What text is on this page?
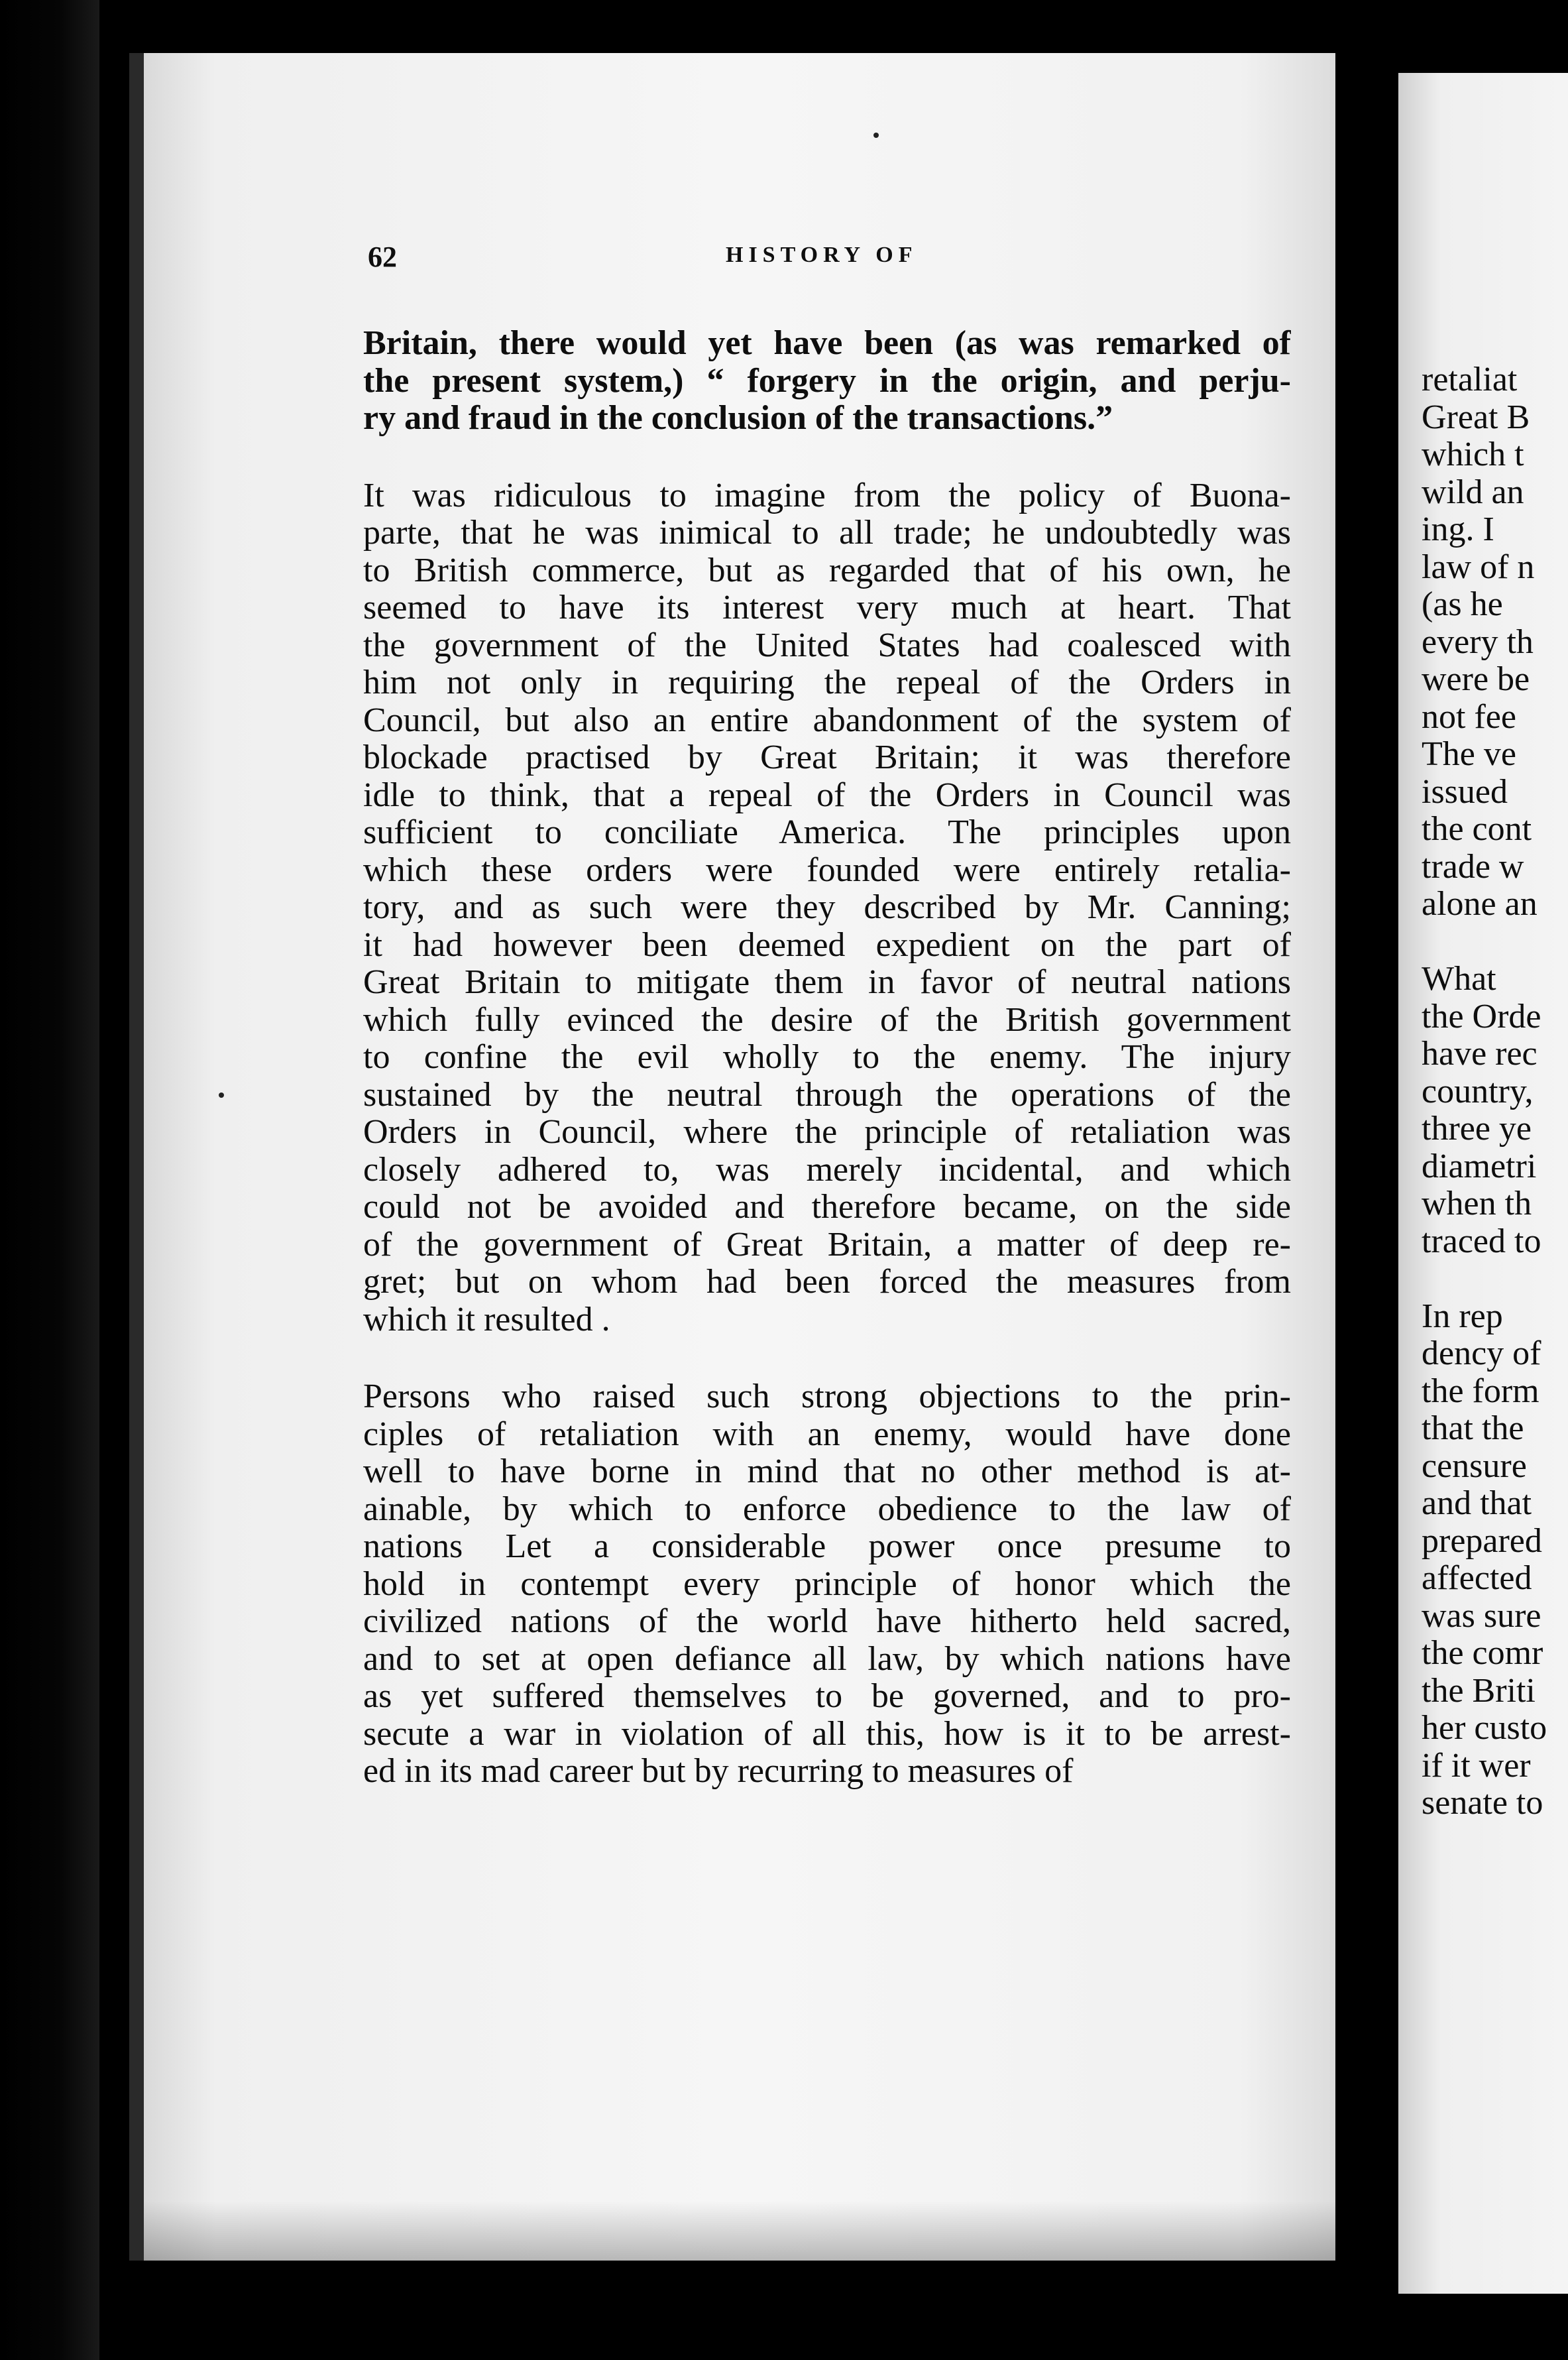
62	HISTORY OF
Britain, there would yet have been (as was remarked of
the present system,) “ forgery in the origin, and perju-
ry and fraud in the conclusion of the transactions.”
It was ridiculous to imagine from the policy of Buona-
parte, that he was inimical to all trade; he undoubtedly was
to British commerce, but as regarded that of his own, he
seemed to have its interest very much at heart. That
the government of the United States had coalesced with
him not only in requiring the repeal of the Orders in
Council, but also an entire abandonment of the system of
blockade practised by Great Britain; it was therefore
idle to think, that a repeal of the Orders in Council was
sufficient to conciliate America. The principles upon
which these orders were founded were entirely retalia-
tory, and as such were they described by Mr. Canning;
it had however been deemed expedient on the part of
Great Britain to mitigate them in favor of neutral nations
which fully evinced the desire of the British government
to confine the evil wholly to the enemy. The injury
sustained by the neutral through the operations of the
Orders in Council, where the principle of retaliation was
closely adhered to, was merely incidental, and which
could not be avoided and therefore became, on the side
of the government of Great Britain, a matter of deep re-
gret; but on whom had been forced the measures from
which it resulted .
Persons who raised such strong objections to the prin-
ciples of retaliation with an enemy, would have done
well to have borne in mind that no other method is at-
ainable, by which to enforce obedience to the law of
nations Let a considerable power once presume to
hold in contempt every principle of honor which the
civilized nations of the world have hitherto held sacred,
and to set at open defiance all law, by which nations have
as yet suffered themselves to be governed, and to pro-
secute a war in violation of all this, how is it to be arrest-
ed in its mad career but by recurring to measures of
retaliat
Great B
which t
wild an
ing. I
law of n
(as he
every th
were be
not fee
The ve
issued
the cont
trade w
alone an
What
the Orde
have rec
country,
three ye
diametri
when th
traced to
In rep
dency of
the form
that the
censure
and that
prepared
affected
was sure
the comr
the Briti
her custo
if it wer
senate to
